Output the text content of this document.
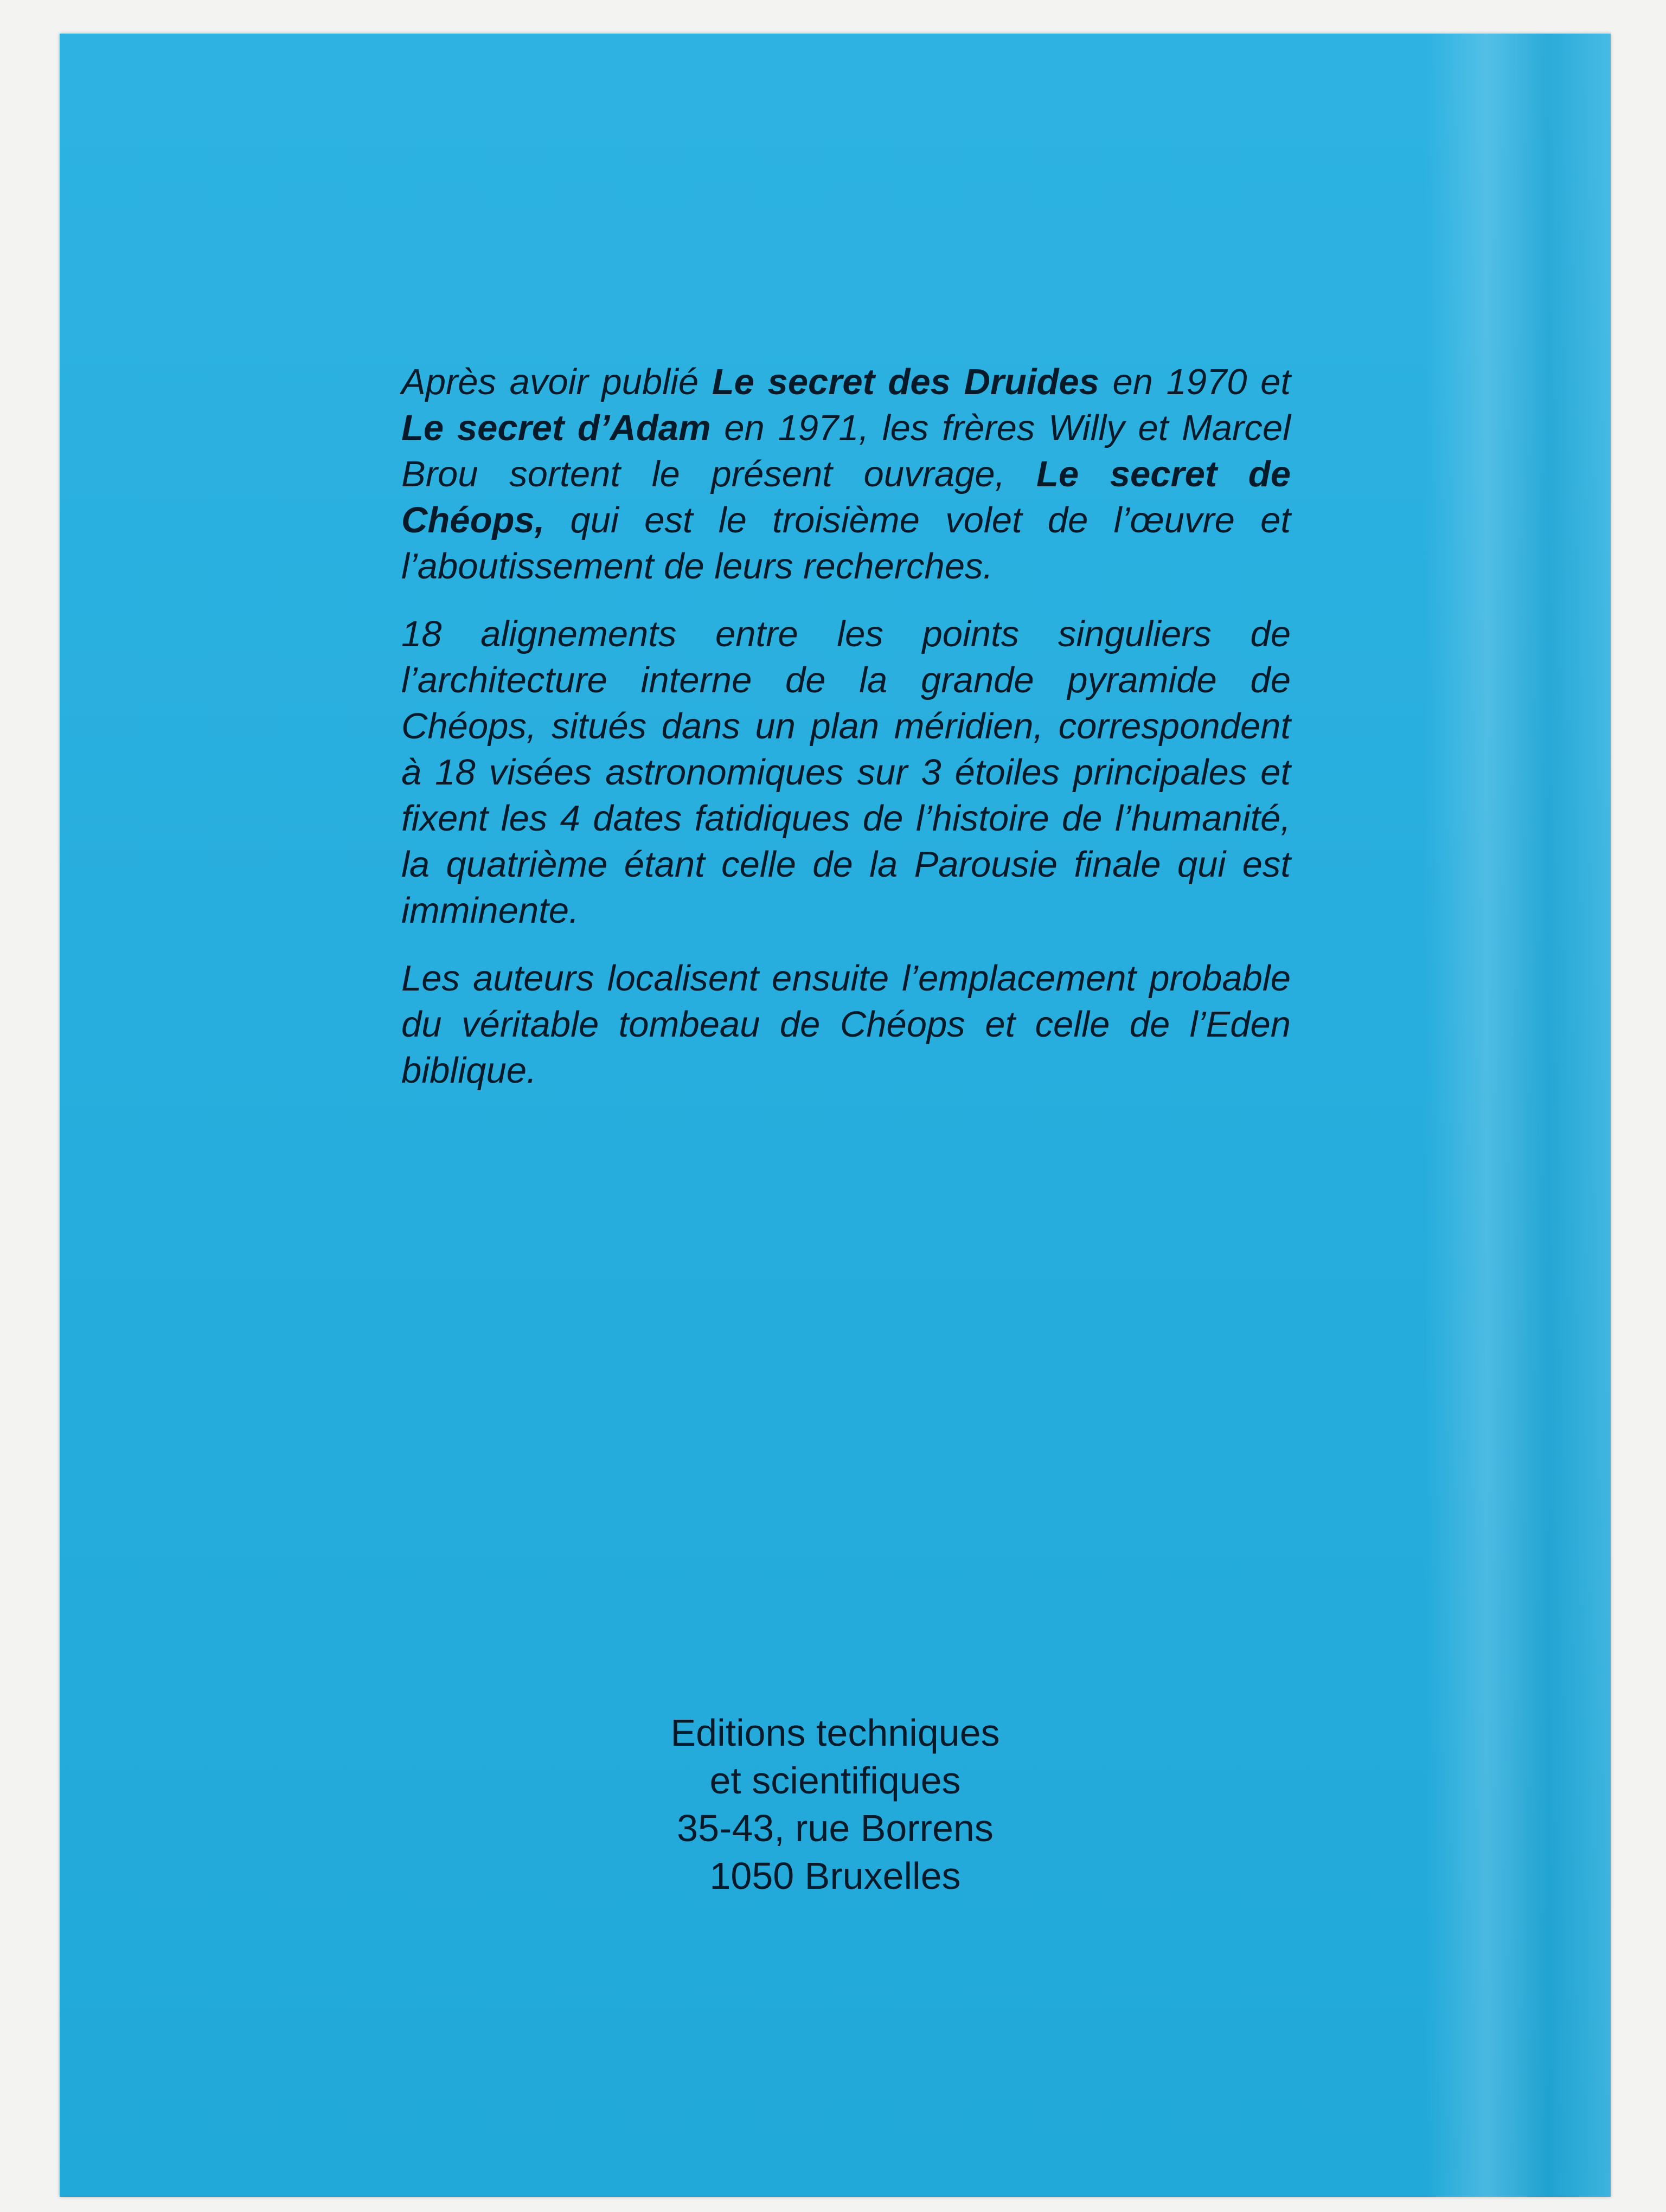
Après avoir publié Le secret des Druides en 1970 et Le secret d’Adam en 1971, les frères Willy et Marcel Brou sortent le présent ouvrage, Le secret de Chéops, qui est le troisième volet de l’œuvre et l’aboutissement de leurs recherches.

18 alignements entre les points singuliers de l’architecture interne de la grande pyramide de Chéops, situés dans un plan méridien, correspondent à 18 visées astronomiques sur 3 étoiles principales et fixent les 4 dates fatidiques de l’histoire de l’humanité, la quatrième étant celle de la Parousie finale qui est imminente.

Les auteurs localisent ensuite l’emplacement probable du véritable tombeau de Chéops et celle de l’Eden biblique.

Editions techniques
et scientifiques
35-43, rue Borrens
1050 Bruxelles
